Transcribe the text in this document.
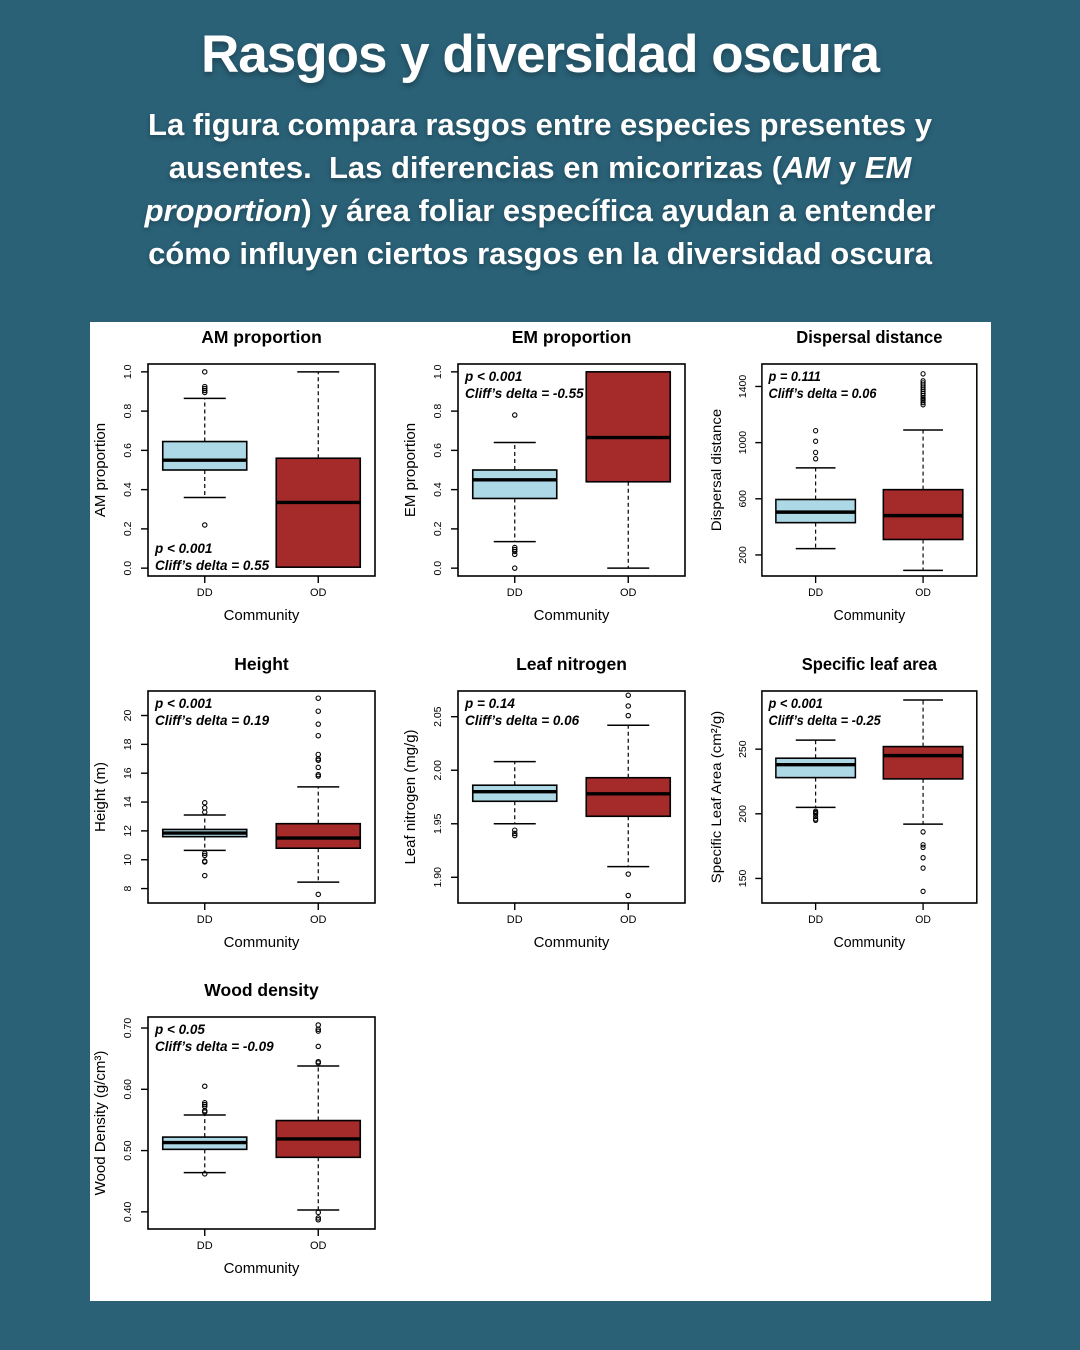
Rasgos y diversidad oscura
La figura compara rasgos entre especies presentes y
ausentes.  Las diferencias en micorrizas (AM y EM
proportion) y área foliar específica ayudan a entender
cómo influyen ciertos rasgos en la diversidad oscura
0.0
0.2
0.4
0.6
0.8
1.0
AM proportion
AM proportion
DD	OD
Community
p < 0.001
Cliff’s delta = 0.55	0.0
0.2
0.4
0.6
0.8
1.0
EM proportion
EM proportion
DD	OD
Community
p < 0.001
Cliff’s delta = -0.55
200
600
1000
1400
Dispersal distance
Dispersal distance
DD	OD
Community
p = 0.111
Cliff’s delta = 0.06
8
10
12
14
16
18
20
Height (m)
Height
DD	OD
Community
p < 0.001
Cliff’s delta = 0.19
1.90
1.95
2.00
2.05
Leaf nitrogen (mg/g)
Leaf nitrogen
DD	OD
Community
p = 0.14
Cliff’s delta = 0.06
150
200
250
Specific Leaf Area (cm²/g)
Specific leaf area
DD	OD
Community
p < 0.001
Cliff’s delta = -0.25
0.40
0.50
0.60
0.70
Wood Density (g/cm³)
Wood density
DD	OD
Community
p < 0.05
Cliff’s delta = -0.09
